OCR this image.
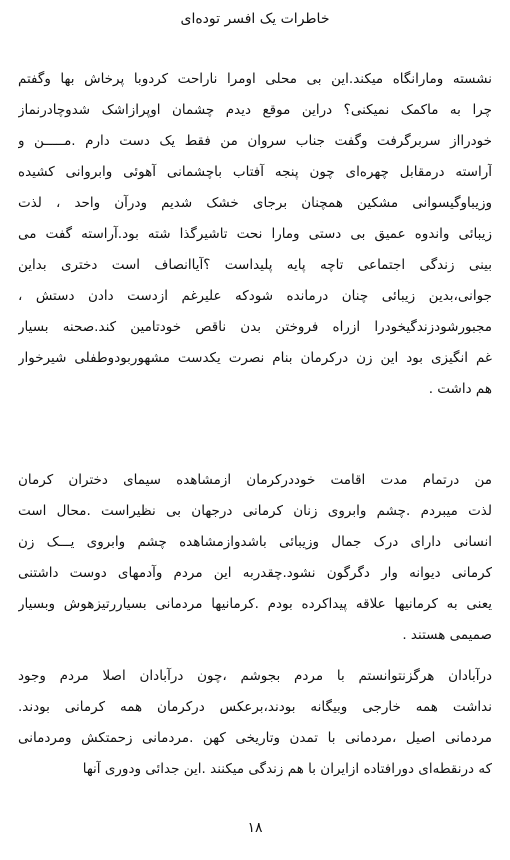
خاطرات یک افسر توده‌ای
نشسته ومارانگاه میکند.این بی محلی اومرا ناراحت کردوبا پرخاش بها وگفتم
چرا به ماکمک نمیکنی؟ دراین موقع دیدم چشمان اوپرازاشک شدوچادرنماز
خودرااز سربرگرفت وگفت جناب سروان من فقط یک دست دارم .مـــــن و
آراسته درمقابل چهره‌ای چون پنجه آفتاب باچشمانی آهوئی وابروانی کشیده
وزیباوگیسوانی مشکین همچنان برجای خشک شدیم ودرآن واحد ، لذت
زیبائی واندوه عمیق بی دستی ومارا نحت تاشیرگذا شته بود.آراسته گفت می
بینی زندگی اجتماعی تاچه پایه پلیداست ؟آیاانصاف است دختری بداین
جوانی،بدین زیبائی چنان درمانده شودکه علیرغم ازدست دادن دستش ،
مجبورشودزندگیخودرا ازراه فروختن بدن ناقص خودتامین کند.صحنه بسیار
غم انگیزی بود این زن درکرمان بنام نصرت یکدست مشهوربودوطفلی شیرخوار
هم داشت .
من درتمام مدت اقامت خوددرکرمان ازمشاهده سیمای دختران کرمان
لذت میبردم .چشم وابروی زنان کرمانی درجهان بی نظیراست .محال است
انسانی دارای درک جمال وزیبائی باشدوازمشاهده چشم وابروی یـــک زن
کرمانی دیوانه وار دگرگون نشود.چقدربه این مردم وآدمهای دوست داشتنی
یعنی به کرمانیها علاقه پیداکرده بودم .کرمانیها مردمانی بسیاررتیزهوش وبسیار
صمیمی هستند .
درآبادان هرگزنتوانستم با مردم بجوشم ،چون درآبادان اصلا مردم وجود
نداشت همه خارجی وبیگانه بودند،برعکس درکرمان همه کرمانی بودند.
مردمانی اصیل ،مردمانی با تمدن وتاریخی کهن .مردمانی زحمتکش ومردمانی
که درنقطه‌ای دورافتاده ازایران با هم زندگی میکنند .این جدائی ودوری آنها
۱۸
